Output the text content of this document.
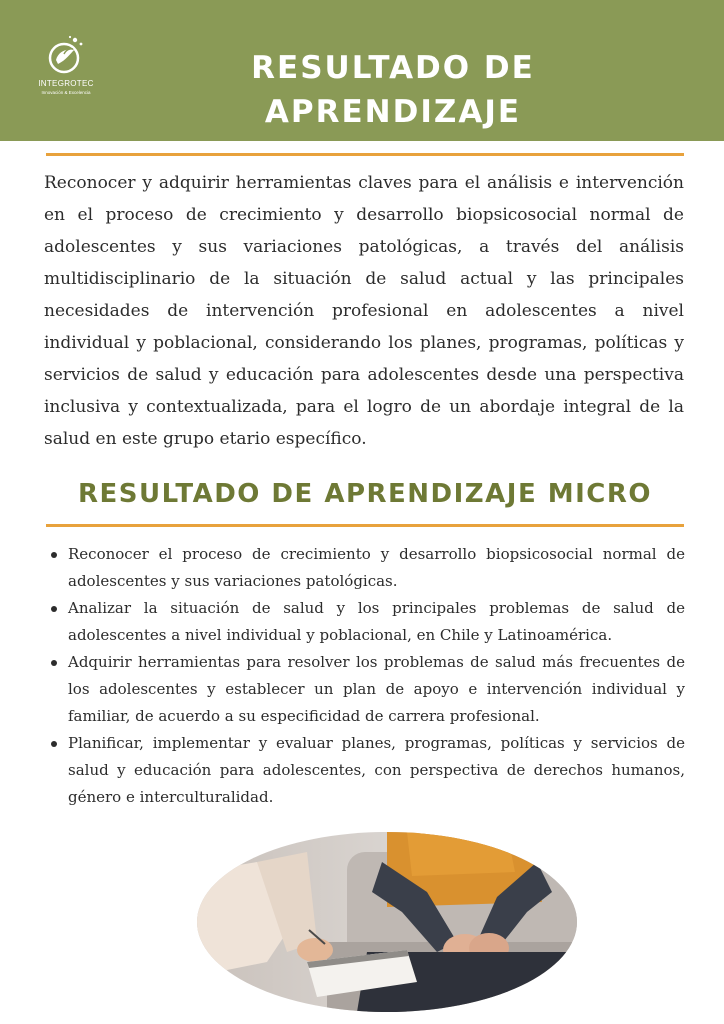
INTEGROTEC
Innovación & Excelencia
RESULTADO DE APRENDIZAJE

Reconocer y adquirir herramientas claves para el análisis e intervención en el proceso de crecimiento y desarrollo biopsicosocial normal de adolescentes y sus variaciones patológicas, a través del análisis multidisciplinario de la situación de salud actual y las principales necesidades de intervención profesional en adolescentes a nivel individual y poblacional, considerando los planes, programas, políticas y servicios de salud y educación para adolescentes desde una perspectiva inclusiva y contextualizada, para el logro de un abordaje integral de la salud en este grupo etario específico.

RESULTADO DE APRENDIZAJE MICRO
Reconocer el proceso de crecimiento y desarrollo biopsicosocial normal de adolescentes y sus variaciones patológicas.
Analizar la situación de salud y los principales problemas de salud de adolescentes a nivel individual y poblacional, en Chile y Latinoamérica.
Adquirir herramientas para resolver los problemas de salud más frecuentes de los adolescentes y establecer un plan de apoyo e intervención individual y familiar, de acuerdo a su especificidad de carrera profesional.
Planificar, implementar y evaluar planes, programas, políticas y servicios de salud y educación para adolescentes, con perspectiva de derechos humanos, género e interculturalidad.
